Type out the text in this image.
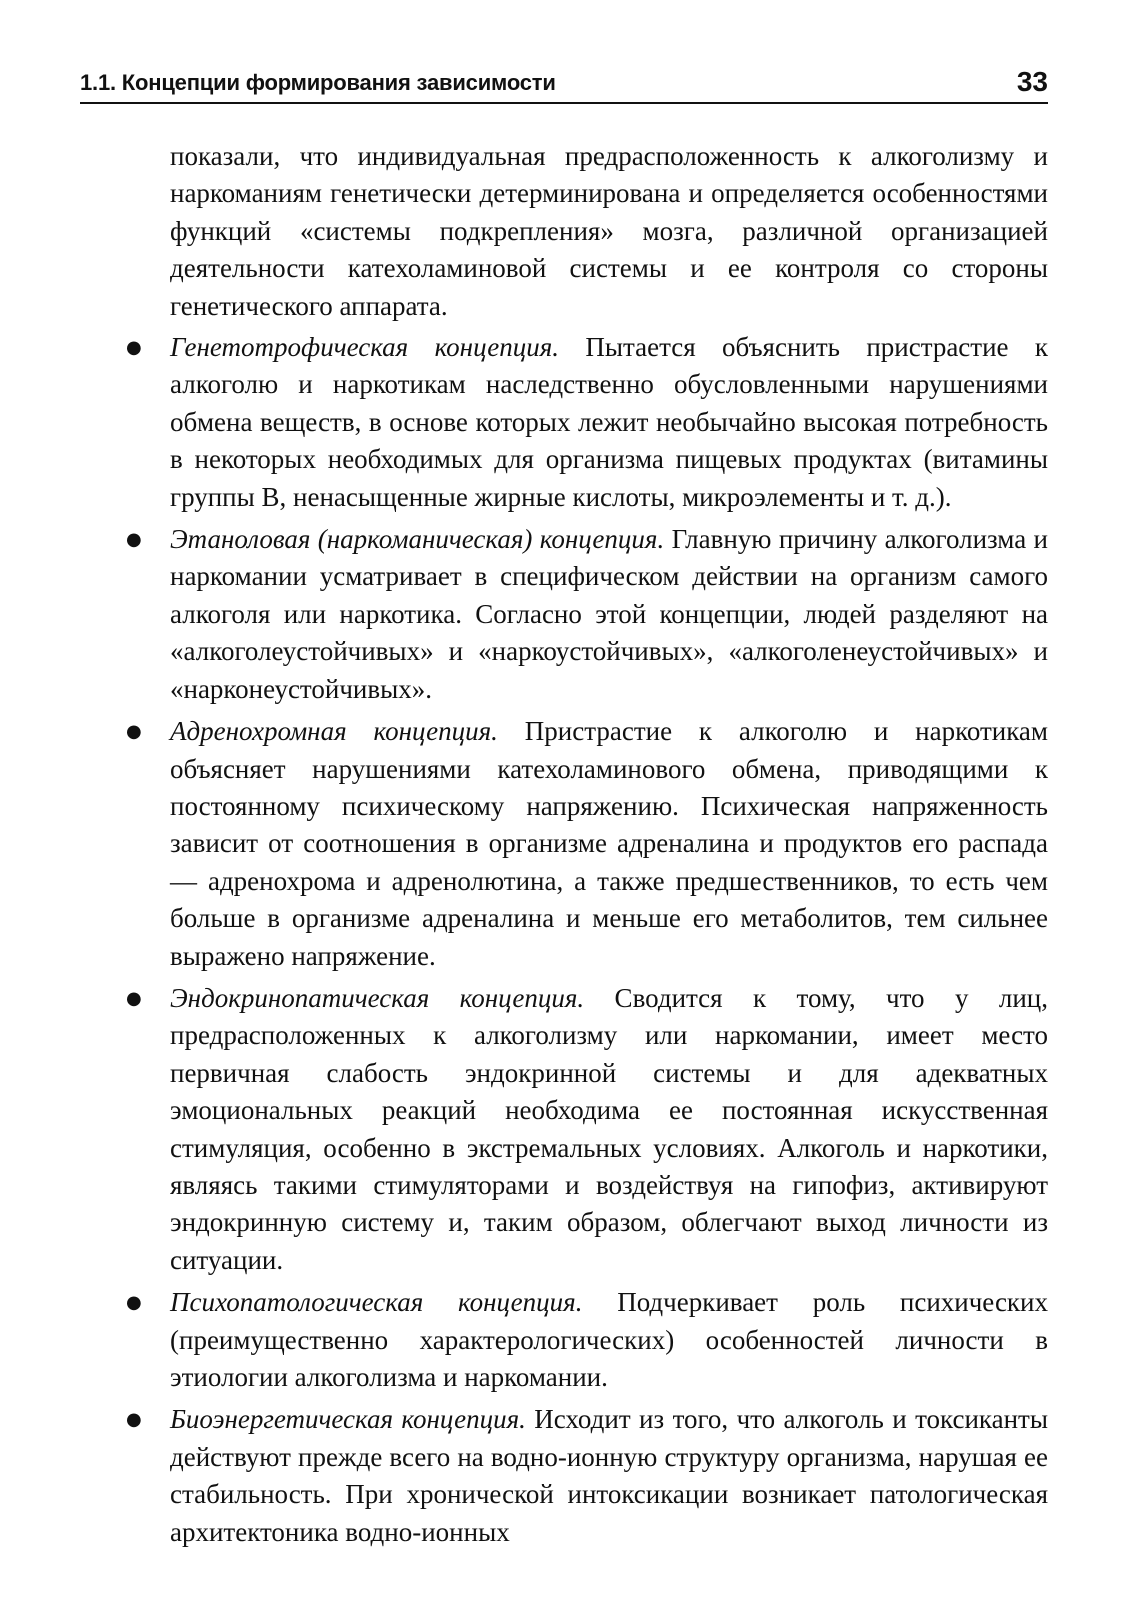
1.1. Концепции формирования зависимости	33

показали, что индивидуальная предрасположенность к алкоголизму и наркоманиям генетически детерминирована и определяется особенностями функций «системы подкрепления» мозга, различной организацией деятельности катехоламиновой системы и ее контроля со стороны генетического аппарата.

● Генетотрофическая концепция. Пытается объяснить пристрастие к алкоголю и наркотикам наследственно обусловленными нарушениями обмена веществ, в основе которых лежит необычайно высокая потребность в некоторых необходимых для организма пищевых продуктах (витамины группы В, ненасыщенные жирные кислоты, микроэлементы и т. д.).
● Этаноловая (наркоманическая) концепция. Главную причину алкоголизма и наркомании усматривает в специфическом действии на организм самого алкоголя или наркотика. Согласно этой концепции, людей разделяют на «алкоголеустойчивых» и «наркоустойчивых», «алкоголенеустойчивых» и «нарконеустойчивых».
● Адренохромная концепция. Пристрастие к алкоголю и наркотикам объясняет нарушениями катехоламинового обмена, приводящими к постоянному психическому напряжению. Психическая напряженность зависит от соотношения в организме адреналина и продуктов его распада — адренохрома и адренолютина, а также предшественников, то есть чем больше в организме адреналина и меньше его метаболитов, тем сильнее выражено напряжение.
● Эндокринопатическая концепция. Сводится к тому, что у лиц, предрасположенных к алкоголизму или наркомании, имеет место первичная слабость эндокринной системы и для адекватных эмоциональных реакций необходима ее постоянная искусственная стимуляция, особенно в экстремальных условиях. Алкоголь и наркотики, являясь такими стимуляторами и воздействуя на гипофиз, активируют эндокринную систему и, таким образом, облегчают выход личности из ситуации.
● Психопатологическая концепция. Подчеркивает роль психических (преимущественно характерологических) особенностей личности в этиологии алкоголизма и наркомании.
● Биоэнергетическая концепция. Исходит из того, что алкоголь и токсиканты действуют прежде всего на водно-ионную структуру организма, нарушая ее стабильность. При хронической интоксикации возникает патологическая архитектоника водно-ионных
